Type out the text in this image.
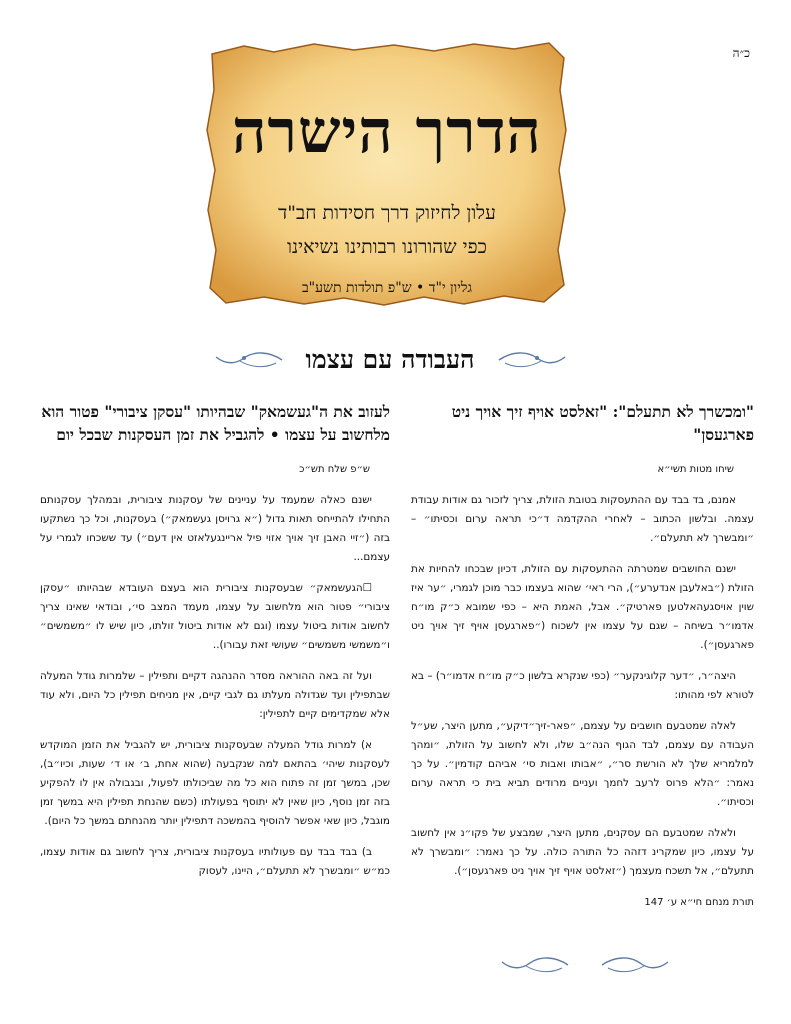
כ״ה
הדרך הישרה
עלון לחיזוק דרך חסידות חב"ד
כפי שהורונו רבותינו נשיאינו
גליון י"ד • ש"פ תולדות תשע"ב
העבודה עם עצמו
"ומכשרך לא תתעלם": "זאלסט אויף זיך אויך ניט פארגעסן"
שיחו מטות תשי״א

אמנם, בד בבד עם ההתעסקות בטובת הזולת, צריך לזכור גם אודות עבודת עצמה. ובלשון הכתוב – לאחרי ההקדמה ד״כי תראה ערום וכסיתו״ – ״ומבשרך לא תתעלם״.

ישנם החושבים שמטרתה ההתעסקות עם הזולת, דכיון שבכחו להחיות את הזולת (״באלעבן אנדערע״), הרי ראי׳ שהוא בעצמו כבר מוכן לגמרי, ״ער איז שוין אויסגעהאלטען פארטיק״. אבל, האמת היא – כפי שמובא כ״ק מו״ח אדמו״ר בשיחה – שגם על עצמו אין לשכוח (״פארגעסן אויף זיך אויך ניט פארגעסן״).

היצה״ר, ״דער קלוגינקער״ (כפי שנקרא בלשון כ״ק מו״ח אדמו״ר) – בא לטורא לפי מהותו:

לאלה שמטבעם חושבים על עצמם, ״פאר-זיך״דיקע״, מתען היצר, שע״ל העבודה עם עצמם, לבד הגוף הנה״ב שלו, ולא לחשוב על הזולת, ״ומהך למלמריא שלך לא הורשת סר״, ״אבותו ואבות סי׳ אביהם קודמין״. על כך נאמר: ״הלא פרוס לרעב לחמך ועניים מרודים תביא בית כי תראה ערום וכסיתו״.

ולאלה שמטבעם הם עסקנים, מתען היצר, שמבצע של פקו״נ אין לחשוב על עצמו, כיון שמקרינ דזהה כל התורה כולה. על כך נאמר: ״ומבשרך לא תתעלם״, אל תשכח מעצמך (״זאלסט אויף זיך אויך ניט פארגעסן״).

תורת מנחם חי״א ע׳ 147

לעזוב את ה"געשמאק" שבהיותו "עסקן ציבורי" פטור הוא מלחשוב על עצמו • להגביל את זמן העסקנות שבכל יום
ש״פ שלח תש״כ

ישנם כאלה שמעמד על עניינים של עסקנות ציבורית, ובמהלך עסקנותם התחילו להתייחס תאות גדול (״א גרויסן געשמאק״) בעסקנות, וכל כך נשתקעו בזה (״זיי האבן זיך אויך אזוי פיל אריינגעלאזט אין דעם״) עד ששכחו לגמרי על עצמם...

☐הגעשמאק״ שבעסקנות ציבורית הוא בעצם העובדא שבהיותו ״עסקן ציבורי״ פטור הוא מלחשוב על עצמו, מעמד המצב סי׳, ובודאי שאינו צריך לחשוב אודות ביטול עצמו (וגם לא אודות ביטול זולתו, כיון שיש לו ״משמשים״ ו״משמשי משמשים״ שעושי זאת עבורו)..

ועל זה באה ההוראה מסדר ההנהגה דקיים ותפילין – שלמרות גודל המעלה שבתפילין ועד שגדולה מעלתו גם לגבי קיים, אין מניחים תפילין כל היום, ולא עוד אלא שמקדימים קיים לתפילין:

א) למרות גודל המעלה שבעסקנות ציבורית, יש להגביל את הזמן המוקדש לעסקנות שיהי׳ בהתאם למה שנקבעה (שהוא אחת, ב׳ או ד׳ שעות, וכיו״ב), שכן, במשך זמן זה פתוח הוא כל מה שביכולתו לפעול, ובגבולה אין לו להפקיע בזה זמן נוסף, כיון שאין לא יתוסף בפעולתו (כשם שהנחת תפילין היא במשך זמן מוגבל, כיון שאי אפשר להוסיף בהמשכה דתפילין יותר מהנחתם במשך כל היום).

ב) בבד בבד עם פעולותיו בעסקנות ציבורית, צריך לחשוב גם אודות עצמו, כמ״ש ״ומבשרך לא תתעלם״, היינו, לעסוק
